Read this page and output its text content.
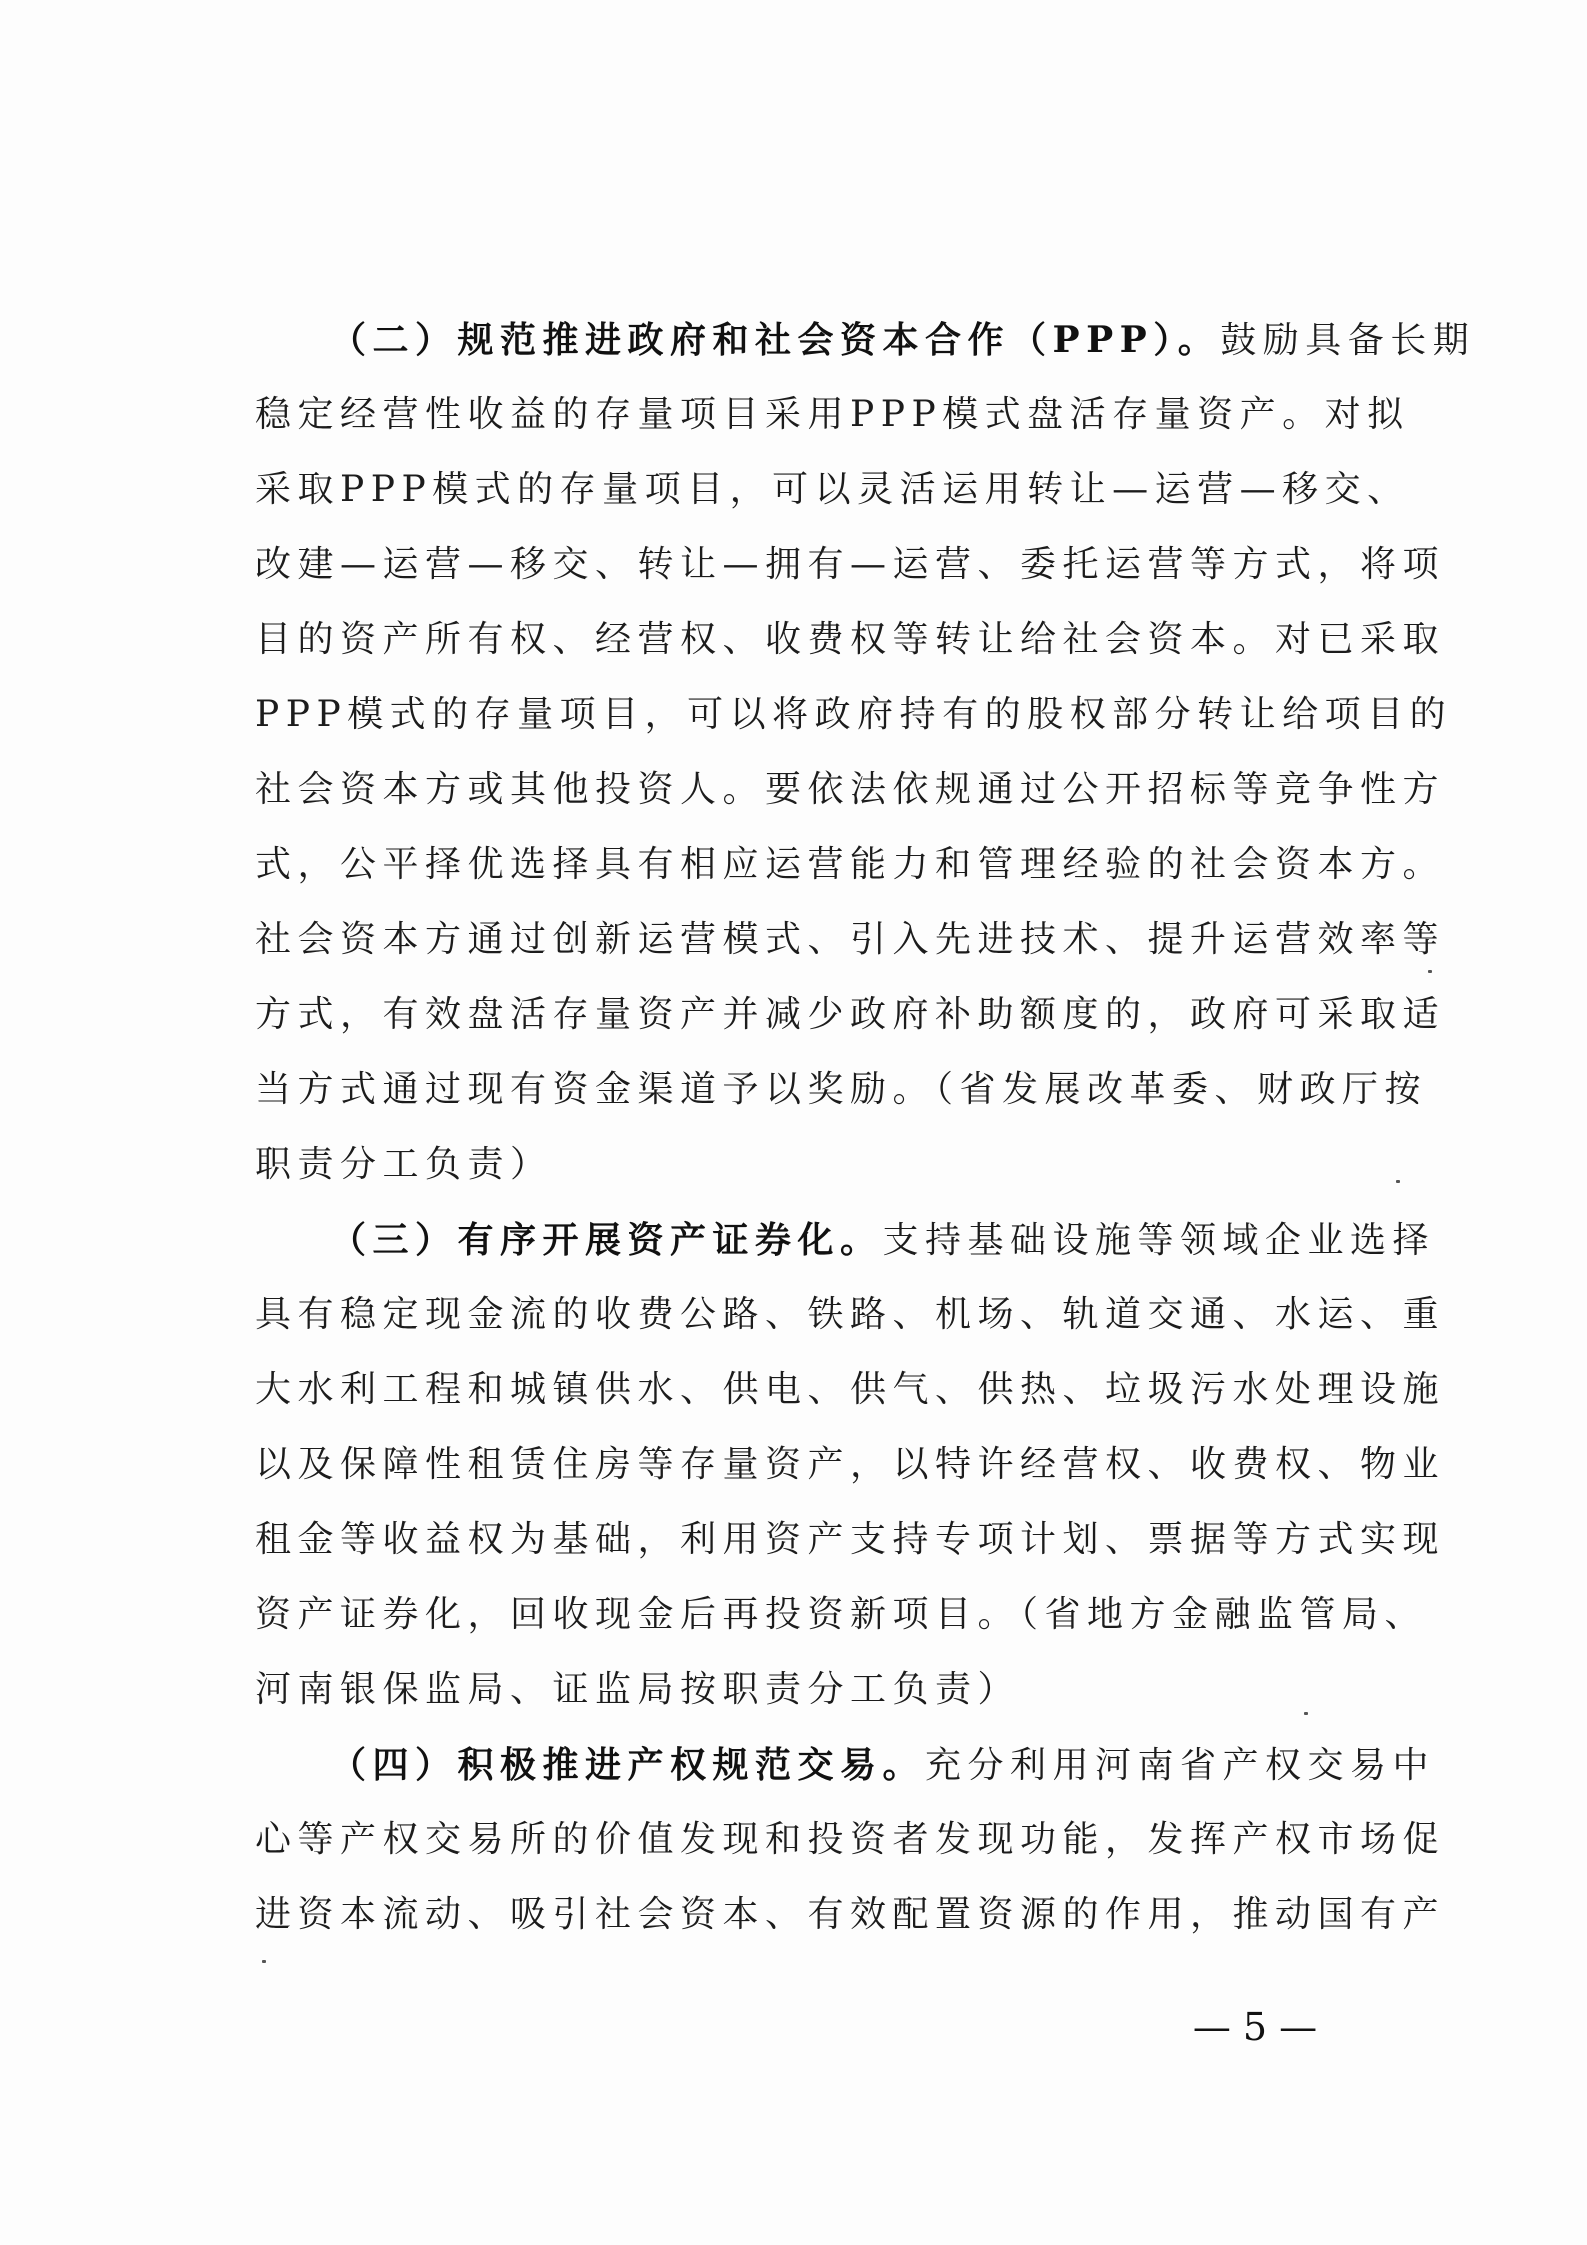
（二）规范推进政府和社会资本合作（PPP）。鼓励具备长期
稳定经营性收益的存量项目采用PPP模式盘活存量资产。对拟
采取PPP模式的存量项目，可以灵活运用转让—运营—移交、
改建—运营—移交、转让—拥有—运营、委托运营等方式，将项
目的资产所有权、经营权、收费权等转让给社会资本。对已采取
PPP模式的存量项目，可以将政府持有的股权部分转让给项目的
社会资本方或其他投资人。要依法依规通过公开招标等竞争性方
式，公平择优选择具有相应运营能力和管理经验的社会资本方。
社会资本方通过创新运营模式、引入先进技术、提升运营效率等
方式，有效盘活存量资产并减少政府补助额度的，政府可采取适
当方式通过现有资金渠道予以奖励。（省发展改革委、财政厅按
职责分工负责）
（三）有序开展资产证券化。支持基础设施等领域企业选择
具有稳定现金流的收费公路、铁路、机场、轨道交通、水运、重
大水利工程和城镇供水、供电、供气、供热、垃圾污水处理设施
以及保障性租赁住房等存量资产，以特许经营权、收费权、物业
租金等收益权为基础，利用资产支持专项计划、票据等方式实现
资产证券化，回收现金后再投资新项目。（省地方金融监管局、
河南银保监局、证监局按职责分工负责）
（四）积极推进产权规范交易。充分利用河南省产权交易中
心等产权交易所的价值发现和投资者发现功能，发挥产权市场促
进资本流动、吸引社会资本、有效配置资源的作用，推动国有产
— 5 —
